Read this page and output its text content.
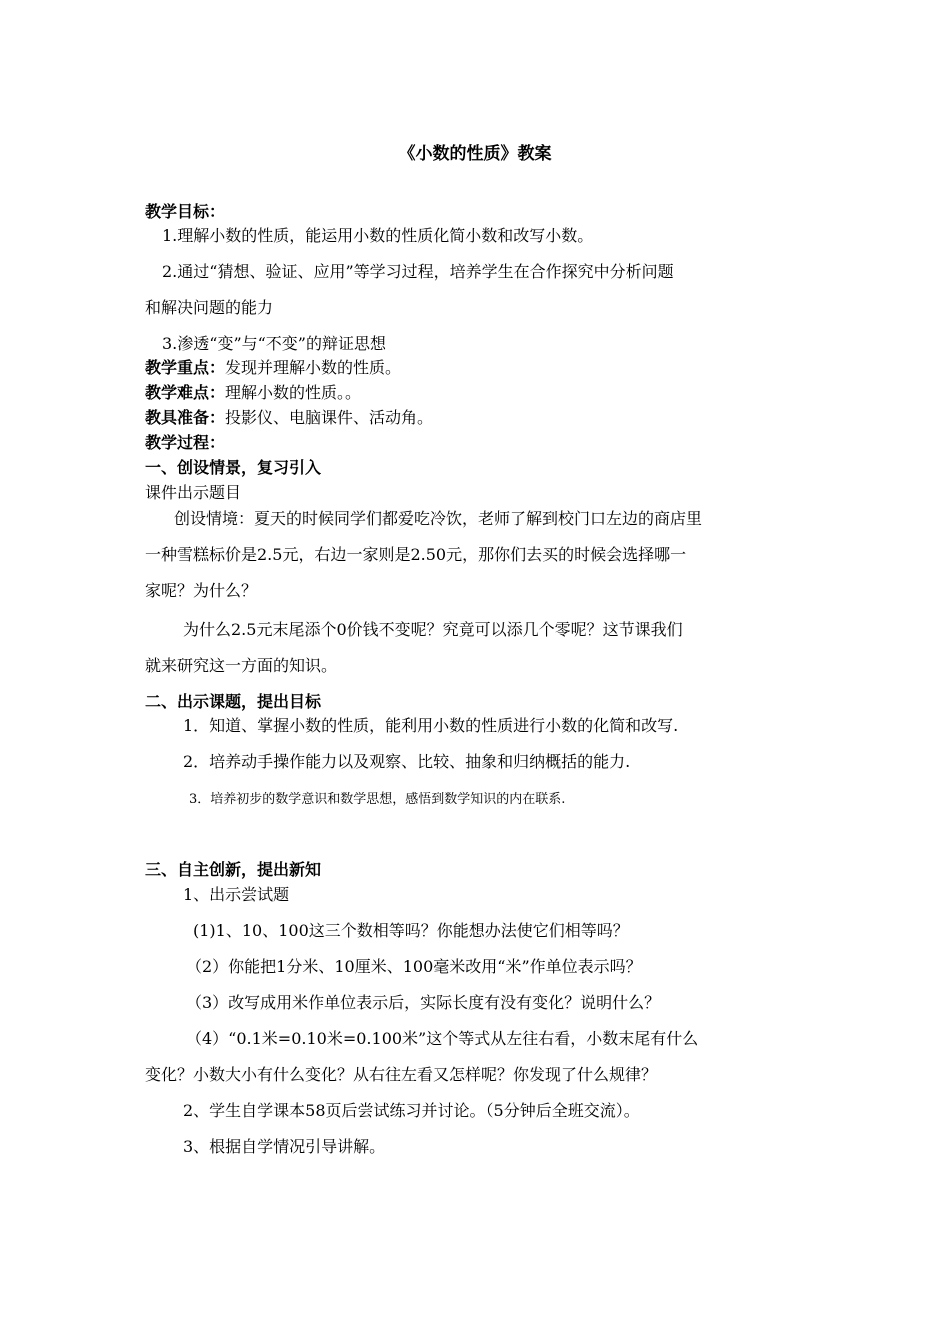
《小数的性质》教案
教学目标：
1.理解小数的性质，能运用小数的性质化简小数和改写小数。
2.通过“猜想、验证、应用”等学习过程，培养学生在合作探究中分析问题
和解决问题的能力
3.渗透“变”与“不变”的辩证思想
教学重点：发现并理解小数的性质。
教学难点：理解小数的性质。。
教具准备：投影仪、电脑课件、活动角。
教学过程：
一、创设情景，复习引入
课件出示题目
创设情境：夏天的时候同学们都爱吃冷饮，老师了解到校门口左边的商店里
一种雪糕标价是2.5元，右边一家则是2.50元，那你们去买的时候会选择哪一
家呢？为什么？
为什么2.5元末尾添个0价钱不变呢？究竟可以添几个零呢？这节课我们
就来研究这一方面的知识。
二、出示课题，提出目标
1．知道、掌握小数的性质，能利用小数的性质进行小数的化简和改写.
2．培养动手操作能力以及观察、比较、抽象和归纳概括的能力.
3．培养初步的数学意识和数学思想，感悟到数学知识的内在联系.
三、自主创新，提出新知
1、出示尝试题
(1)1、10、100这三个数相等吗？你能想办法使它们相等吗？
（2）你能把1分米、10厘米、100毫米改用“米”作单位表示吗？
（3）改写成用米作单位表示后，实际长度有没有变化？说明什么？
（4）“0.1米=0.10米=0.100米”这个等式从左往右看，小数末尾有什么
变化？小数大小有什么变化？从右往左看又怎样呢？你发现了什么规律？
2、学生自学课本58页后尝试练习并讨论。（5分钟后全班交流）。
3、根据自学情况引导讲解。
